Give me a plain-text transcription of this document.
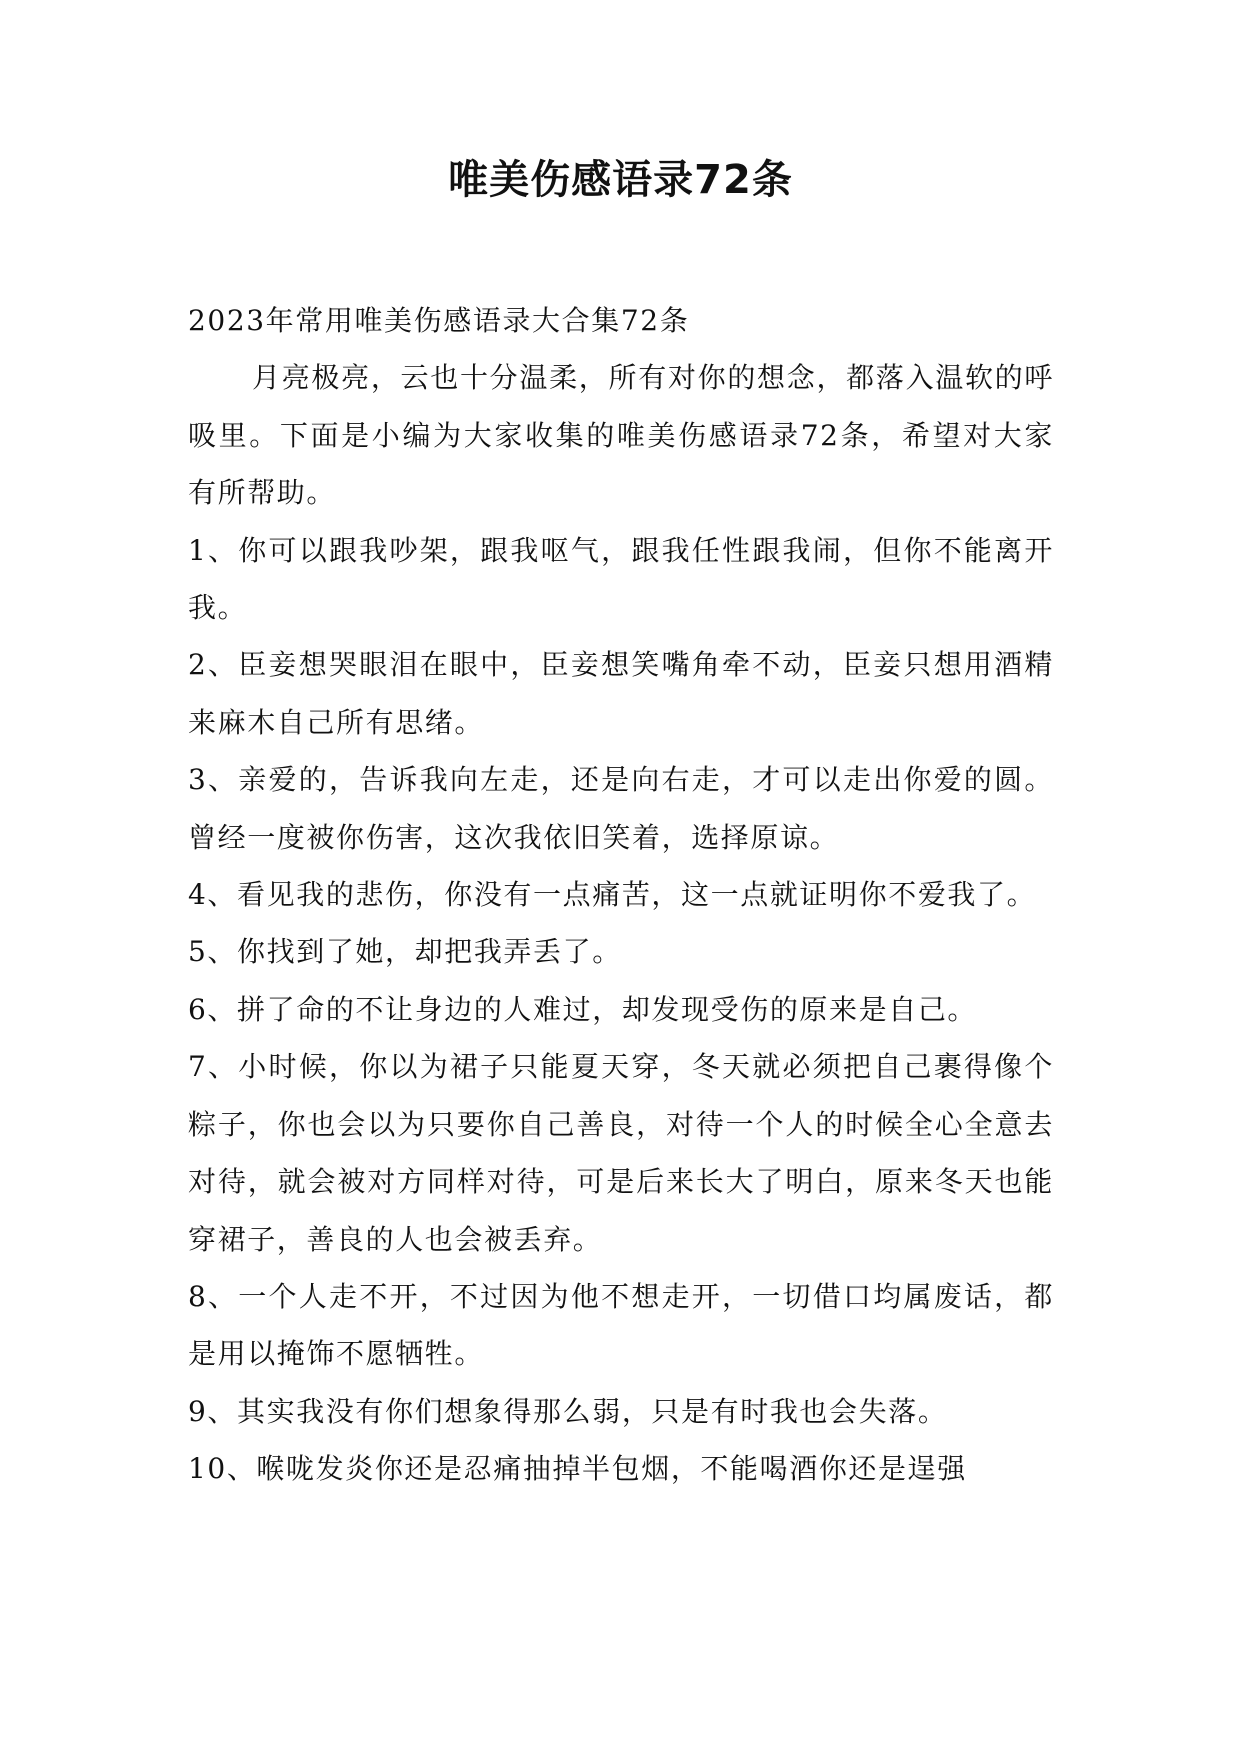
唯美伤感语录72条

2023年常用唯美伤感语录大合集72条

月亮极亮，云也十分温柔，所有对你的想念，都落入温软的呼吸里。下面是小编为大家收集的唯美伤感语录72条，希望对大家有所帮助。

1、你可以跟我吵架，跟我呕气，跟我任性跟我闹，但你不能离开我。

2、臣妾想哭眼泪在眼中，臣妾想笑嘴角牵不动，臣妾只想用酒精来麻木自己所有思绪。

3、亲爱的，告诉我向左走，还是向右走，才可以走出你爱的圆。曾经一度被你伤害，这次我依旧笑着，选择原谅。

4、看见我的悲伤，你没有一点痛苦，这一点就证明你不爱我了。

5、你找到了她，却把我弄丢了。

6、拼了命的不让身边的人难过，却发现受伤的原来是自己。

7、小时候，你以为裙子只能夏天穿，冬天就必须把自己裹得像个粽子，你也会以为只要你自己善良，对待一个人的时候全心全意去对待，就会被对方同样对待，可是后来长大了明白，原来冬天也能穿裙子，善良的人也会被丢弃。

8、一个人走不开，不过因为他不想走开，一切借口均属废话，都是用以掩饰不愿牺牲。

9、其实我没有你们想象得那么弱，只是有时我也会失落。

10、喉咙发炎你还是忍痛抽掉半包烟，不能喝酒你还是逞强
